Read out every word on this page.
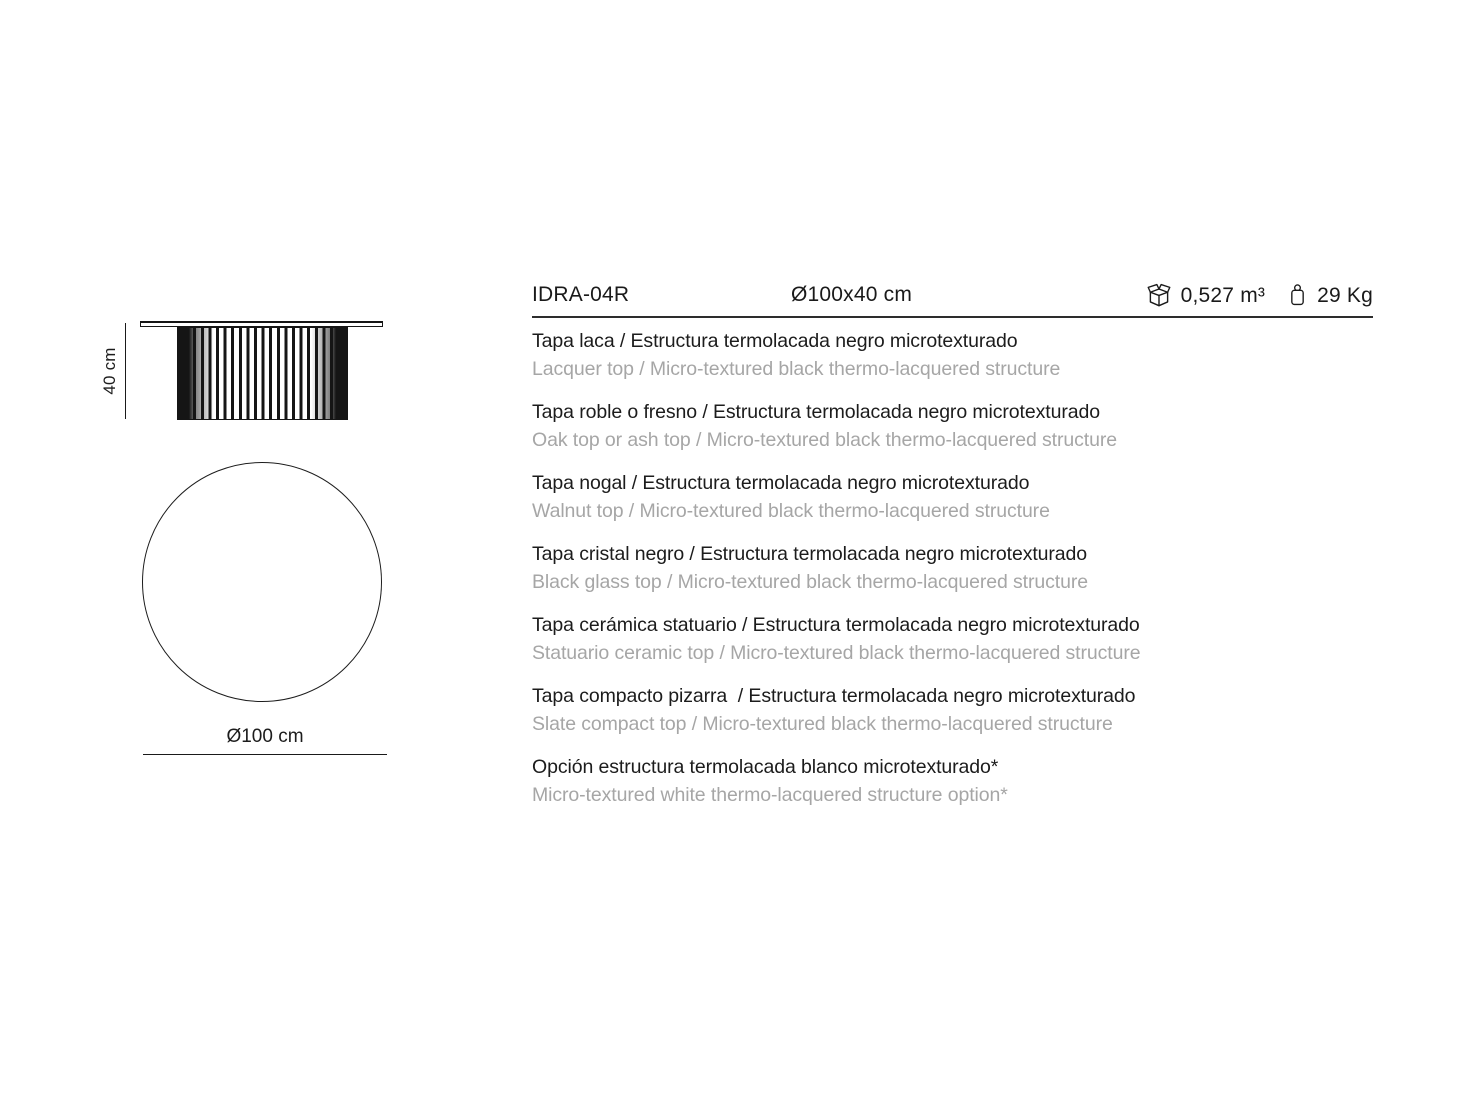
40 cm
Ø100 cm
IDRA-04R	Ø100x40 cm	0,527 m³ 29 Kg
Tapa laca / Estructura termolacada negro microtexturado
Lacquer top / Micro-textured black thermo-lacquered structure
Tapa roble o fresno / Estructura termolacada negro microtexturado
Oak top or ash top / Micro-textured black thermo-lacquered structure
Tapa nogal / Estructura termolacada negro microtexturado
Walnut top / Micro-textured black thermo-lacquered structure
Tapa cristal negro / Estructura termolacada negro microtexturado
Black glass top / Micro-textured black thermo-lacquered structure
Tapa cerámica statuario / Estructura termolacada negro microtexturado
Statuario ceramic top / Micro-textured black thermo-lacquered structure
Tapa compacto pizarra  / Estructura termolacada negro microtexturado
Slate compact top / Micro-textured black thermo-lacquered structure
Opción estructura termolacada blanco microtexturado*
Micro-textured white thermo-lacquered structure option*
